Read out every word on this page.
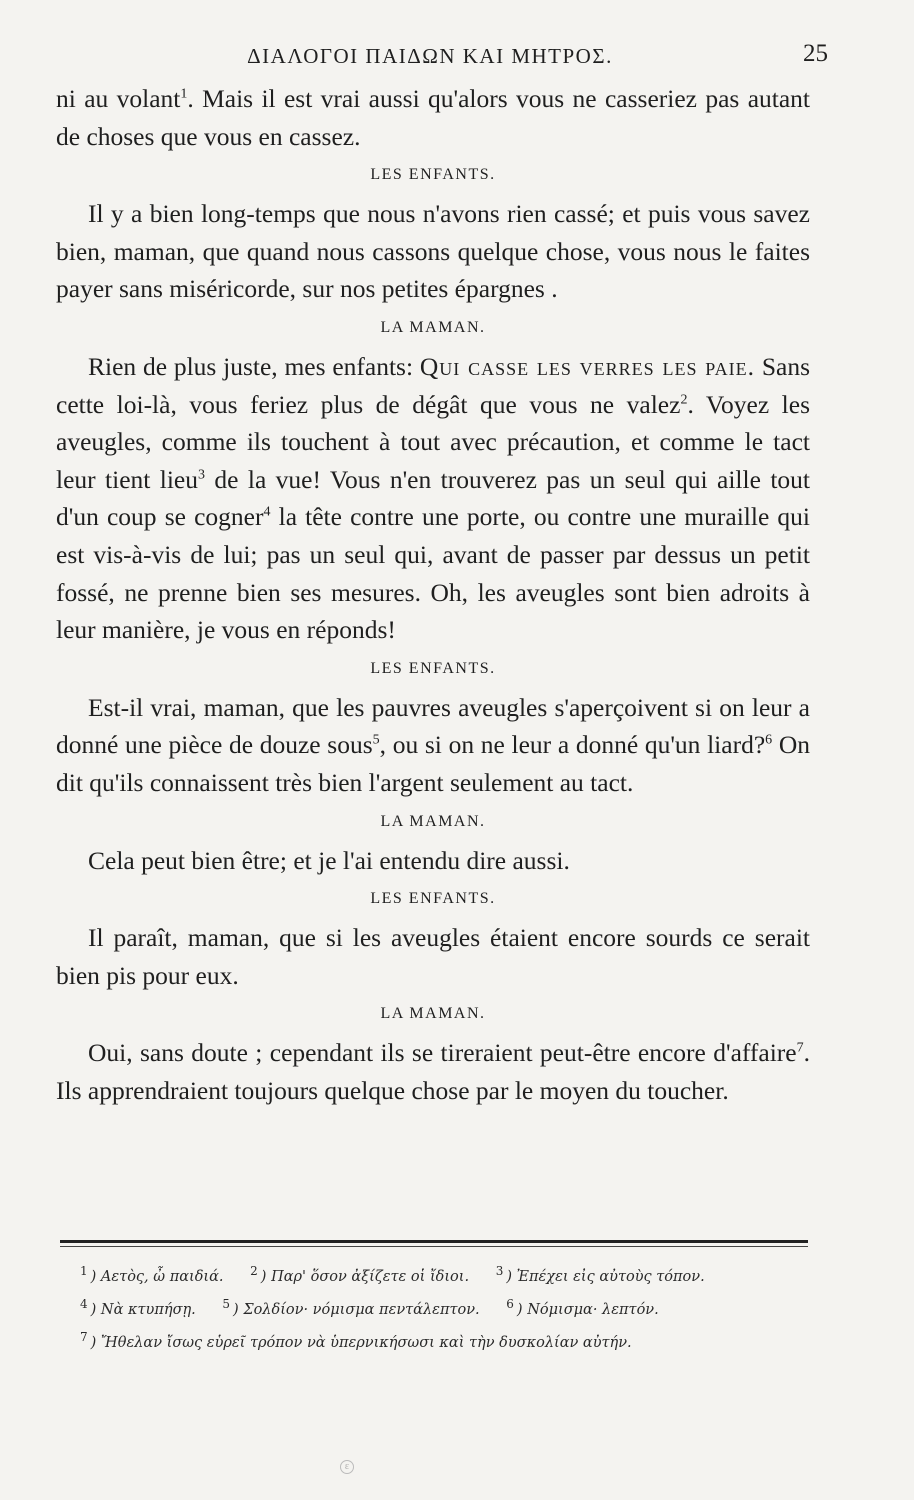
ΔΙΑΛΟΓΟΙ ΠΑΙΔΩΝ ΚΑΙ ΜΗΤΡΟΣ.	25

ni au volant$^1$. Mais il est vrai aussi qu'alors vous ne casseriez pas autant de choses que vous en cassez.

LES ENFANTS.

Il y a bien long-temps que nous n'avons rien cassé; et puis vous savez bien, maman, que quand nous cassons quelque chose, vous nous le faites payer sans miséricorde, sur nos petites épargnes .

LA MAMAN.

Rien de plus juste, mes enfants: Qui casse les verres les paie. Sans cette loi-là, vous feriez plus de dégât que vous ne valez$^2$. Voyez les aveugles, comme ils touchent à tout avec précaution, et comme le tact leur tient lieu$^3$ de la vue! Vous n'en trouverez pas un seul qui aille tout d'un coup se cogner$^4$ la tête contre une porte, ou contre une muraille qui est vis-à-vis de lui; pas un seul qui, avant de passer par dessus un petit fossé, ne prenne bien ses mesures. Oh, les aveugles sont bien adroits à leur manière, je vous en réponds!

LES ENFANTS.

Est-il vrai, maman, que les pauvres aveugles s'aperçoivent si on leur a donné une pièce de douze sous$^5$, ou si on ne leur a donné qu'un liard?$^6$ On dit qu'ils connaissent très bien l'argent seulement au tact.

LA MAMAN.

Cela peut bien être; et je l'ai entendu dire aussi.

LES ENFANTS.

Il paraît, maman, que si les aveugles étaient encore sourds ce serait bien pis pour eux.

LA MAMAN.

Oui, sans doute ; cependant ils se tireraient peut-être encore d'affaire$^7$. Ils apprendraient toujours quelque chose par le moyen du toucher.

$^1$ ) Αετὸς, ὦ παιδιά. $^2$ ) Παρ' ὅσον ἀξίζετε οἱ ἴδιοι. $^3$ ) Ἐπέχει εἰς αὐτοὺς τόπον.
$^4$ ) Νὰ κτυπήσῃ. $^5$ ) Σολδίον· νόμισμα πεντάλεπτον. $^6$ ) Νόμισμα· λεπτόν.
$^7$ ) Ἤθελαν ἴσως εὑρεῖ τρόπον νὰ ὑπερνικήσωσι καὶ τὴν δυσκολίαν αὐτήν.
ε
